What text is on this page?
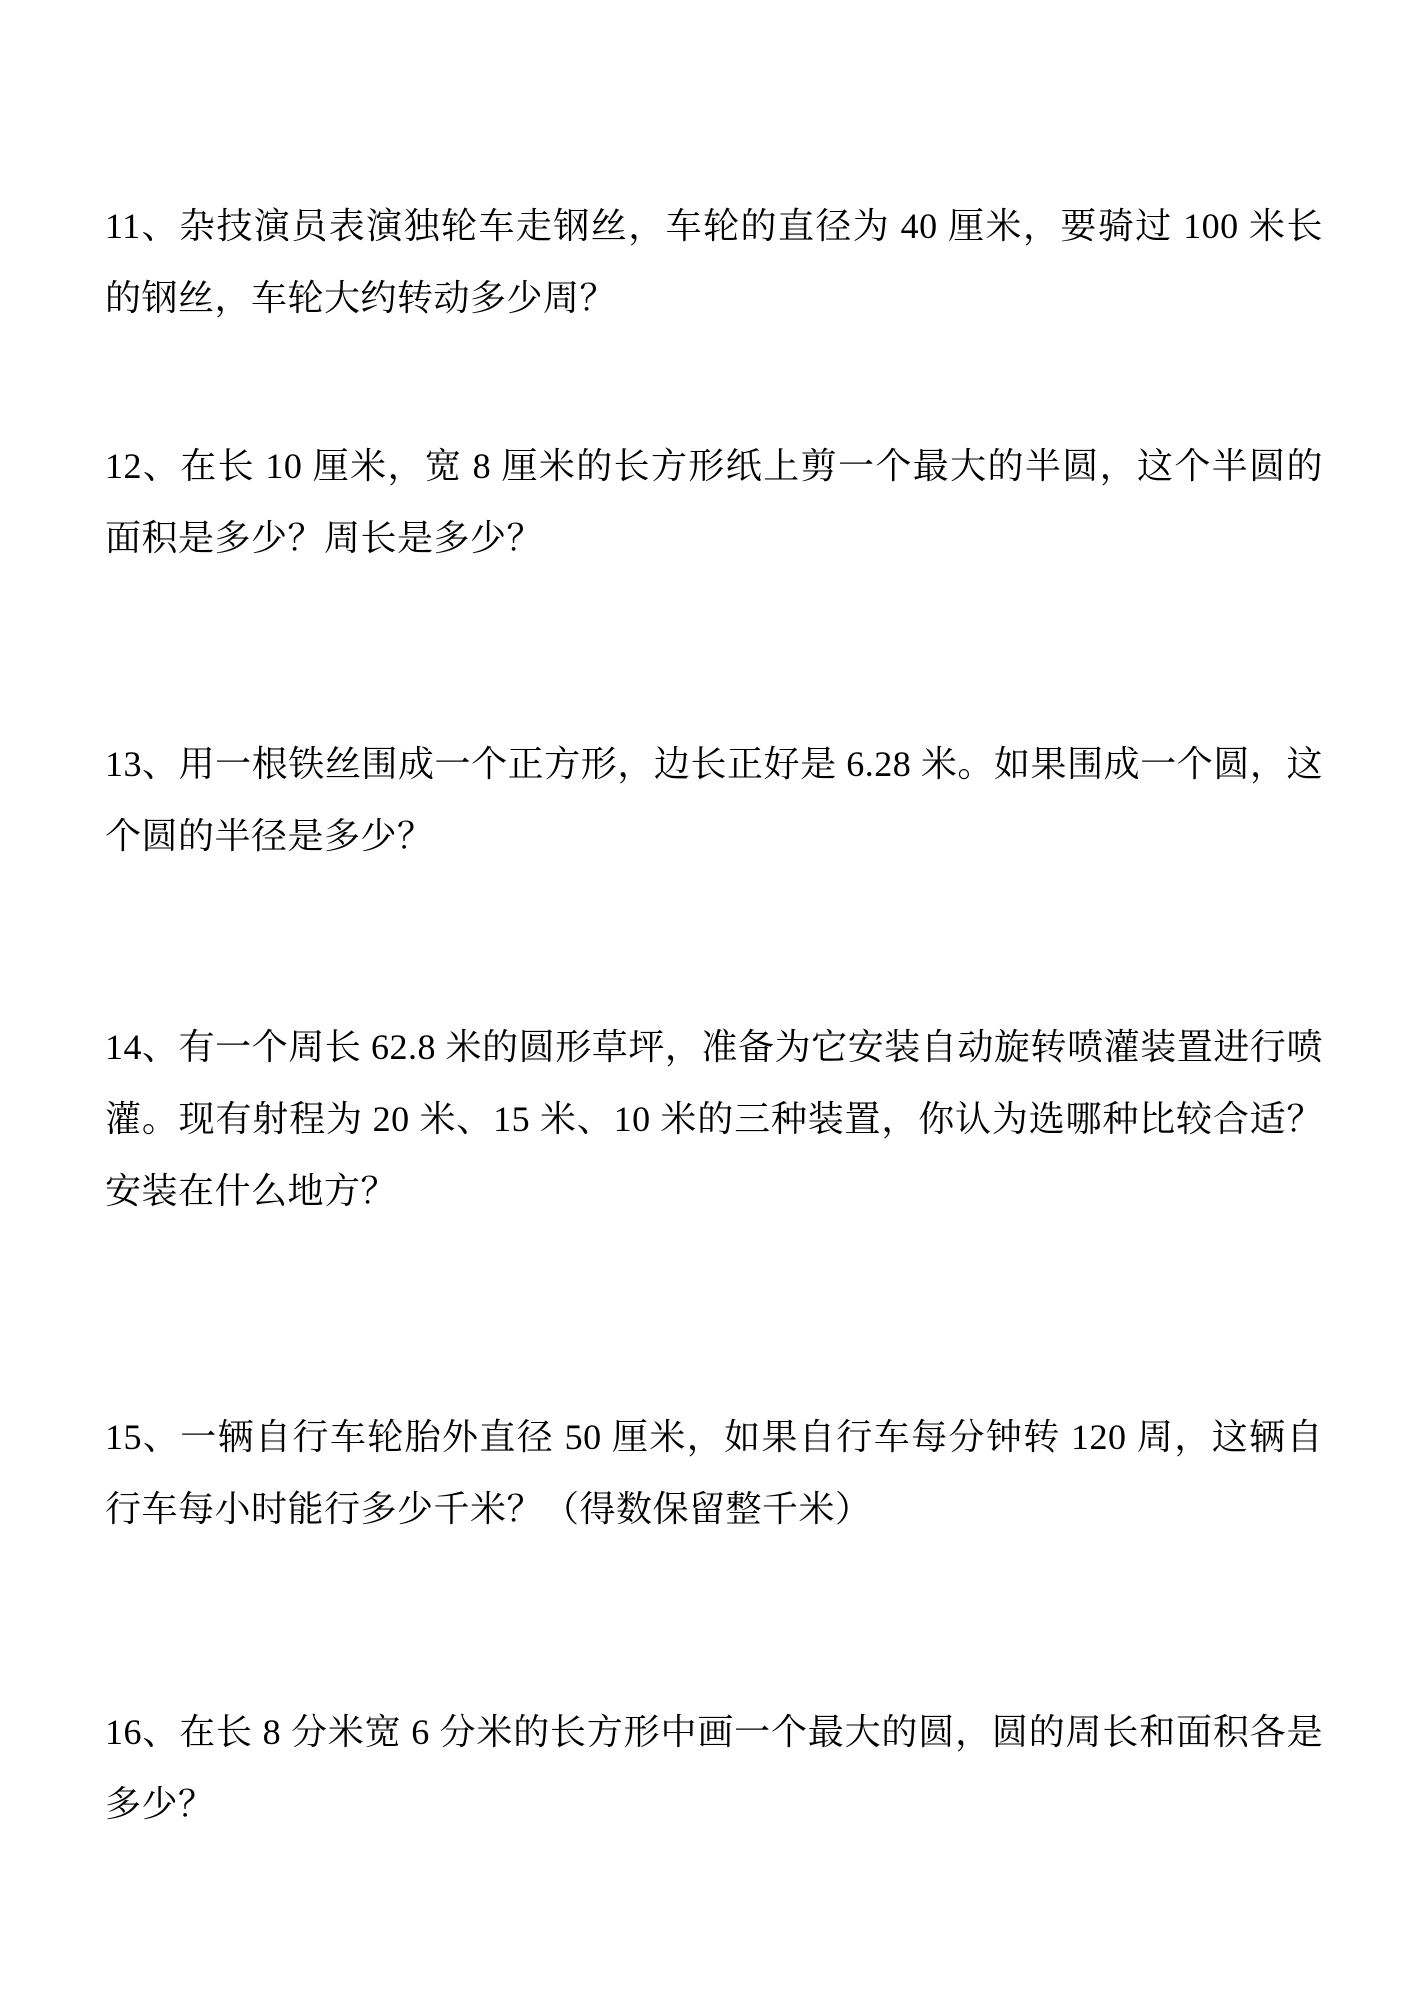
11、杂技演员表演独轮车走钢丝，车轮的直径为 40 厘米，要骑过 100 米长的钢丝，车轮大约转动多少周？

12、在长 10 厘米，宽 8 厘米的长方形纸上剪一个最大的半圆，这个半圆的面积是多少？周长是多少？

13、用一根铁丝围成一个正方形，边长正好是 6.28 米。如果围成一个圆，这个圆的半径是多少？

14、有一个周长 62.8 米的圆形草坪，准备为它安装自动旋转喷灌装置进行喷灌。现有射程为 20 米、15 米、10 米的三种装置，你认为选哪种比较合适？安装在什么地方？

15、一辆自行车轮胎外直径 50 厘米，如果自行车每分钟转 120 周，这辆自行车每小时能行多少千米？（得数保留整千米）

16、在长 8 分米宽 6 分米的长方形中画一个最大的圆，圆的周长和面积各是多少？
